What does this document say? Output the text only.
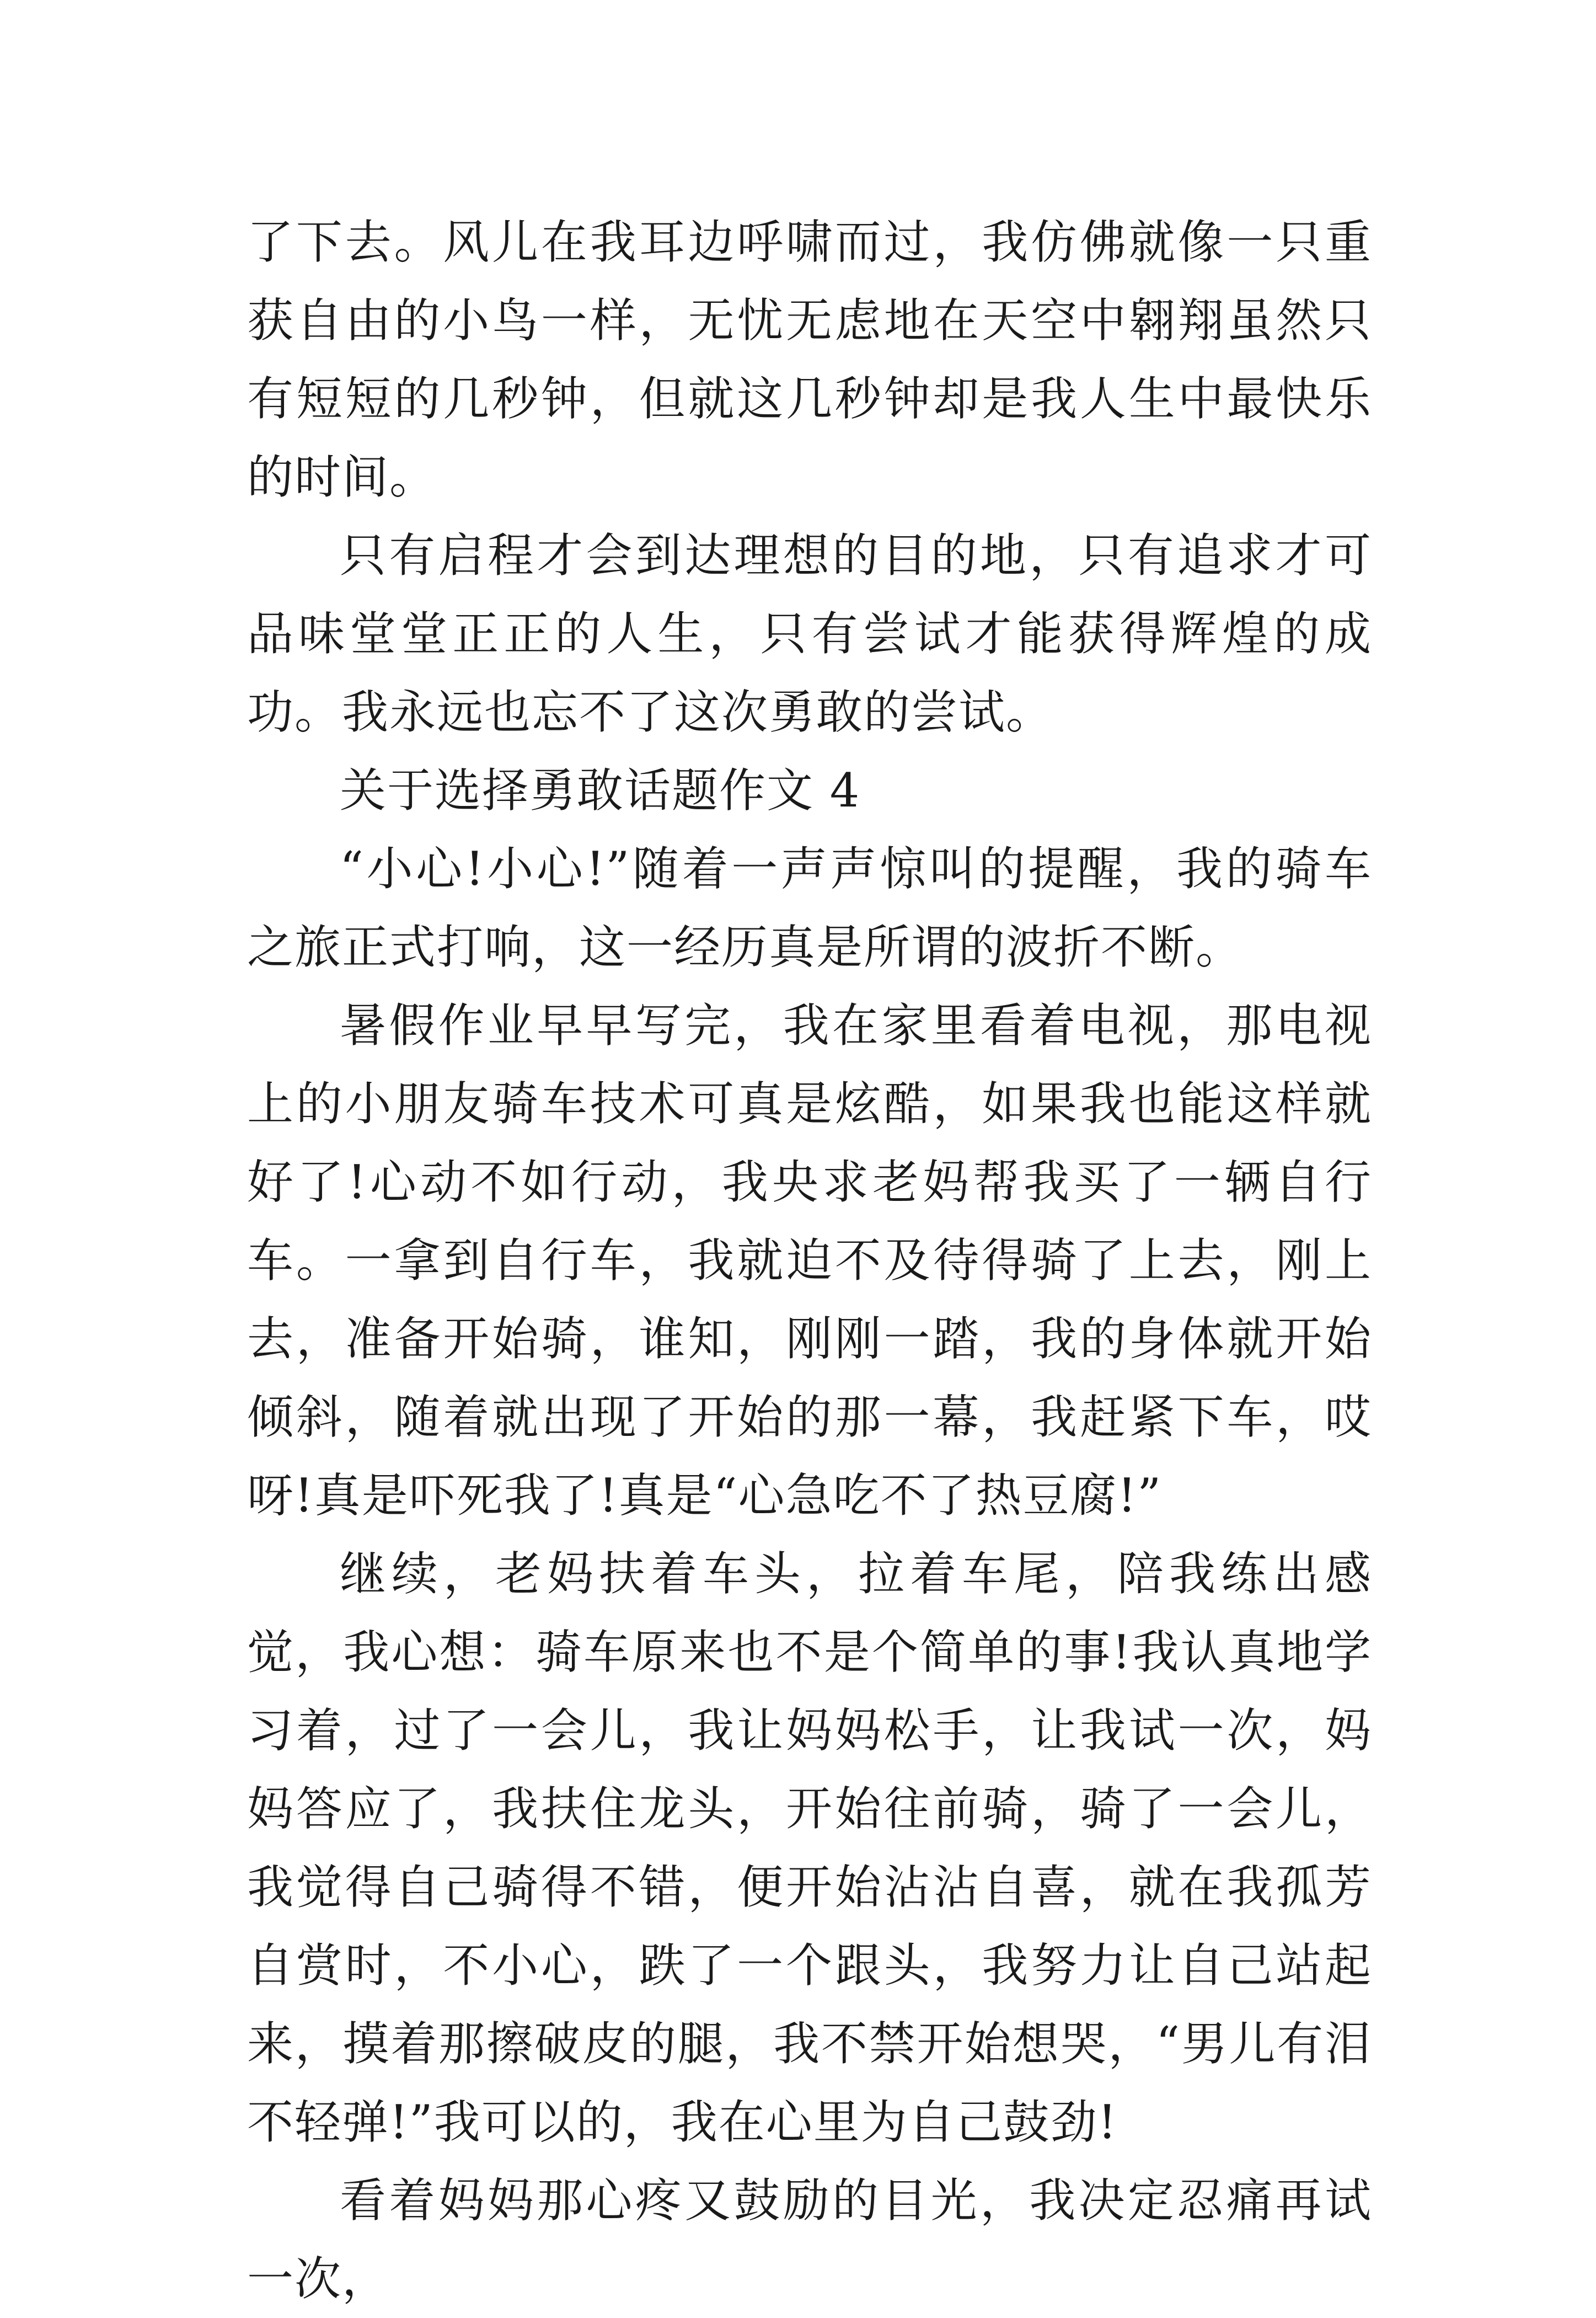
了下去。风儿在我耳边呼啸而过，我仿佛就像一只重获自由的小鸟一样，无忧无虑地在天空中翱翔虽然只有短短的几秒钟，但就这几秒钟却是我人生中最快乐的时间。

只有启程才会到达理想的目的地，只有追求才可品味堂堂正正的人生，只有尝试才能获得辉煌的成功。我永远也忘不了这次勇敢的尝试。

关于选择勇敢话题作文 4

“小心!小心!”随着一声声惊叫的提醒，我的骑车之旅正式打响，这一经历真是所谓的波折不断。

暑假作业早早写完，我在家里看着电视，那电视上的小朋友骑车技术可真是炫酷，如果我也能这样就好了!心动不如行动，我央求老妈帮我买了一辆自行车。一拿到自行车，我就迫不及待得骑了上去，刚上去，准备开始骑，谁知，刚刚一踏，我的身体就开始倾斜，随着就出现了开始的那一幕，我赶紧下车，哎呀!真是吓死我了!真是“心急吃不了热豆腐!”

继续，老妈扶着车头，拉着车尾，陪我练出感觉，我心想：骑车原来也不是个简单的事!我认真地学习着，过了一会儿，我让妈妈松手，让我试一次，妈妈答应了，我扶住龙头，开始往前骑，骑了一会儿，我觉得自己骑得不错，便开始沾沾自喜，就在我孤芳自赏时，不小心，跌了一个跟头，我努力让自己站起来，摸着那擦破皮的腿，我不禁开始想哭，“男儿有泪不轻弹!”我可以的，我在心里为自己鼓劲!

看着妈妈那心疼又鼓励的目光，我决定忍痛再试一次，
